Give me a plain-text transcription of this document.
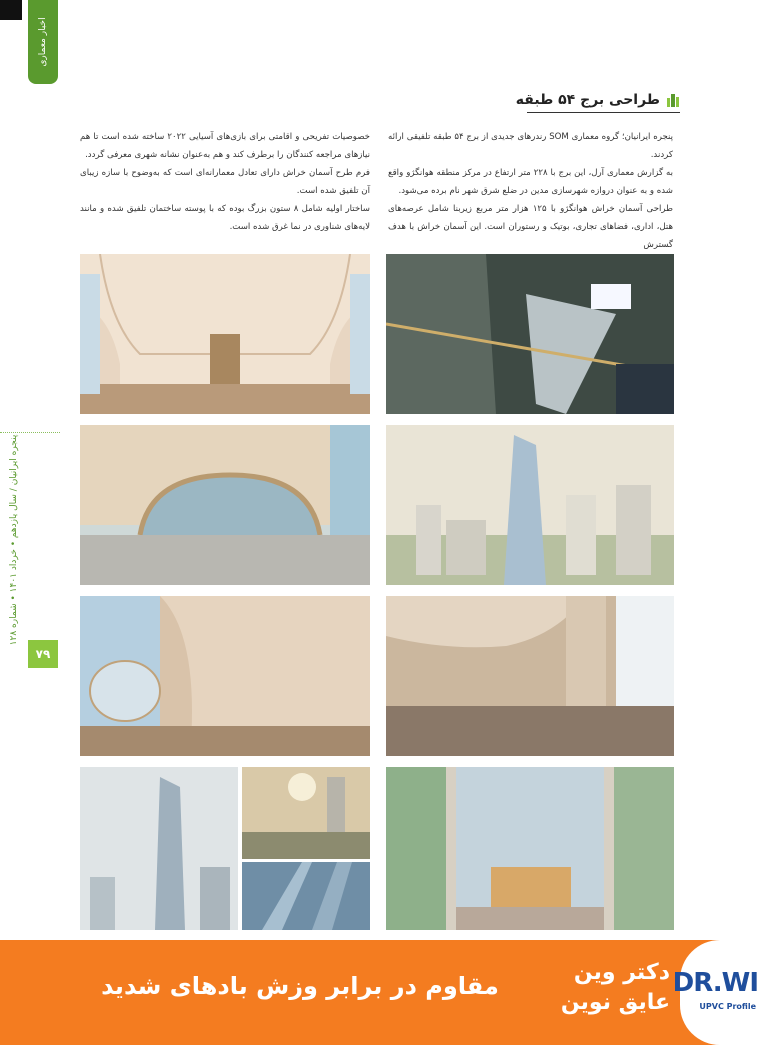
اخبار معماری
پنجره ایرانیان / سال یازدهم • خرداد ۱۴۰۱ • شماره ۱۲۸
۷۹
طراحی برج ۵۴ طبقه

پنجره ایرانیان؛ گروه معماری SOM رندرهای جدیدی از برج ۵۴ طبقه تلفیقی ارائه کردند.

به گزارش معماری آرل، این برج با ۲۲۸ متر ارتفاع در مرکز منطقه هوانگژو واقع شده و به عنوان دروازه شهرسازی مدین در ضلع شرق شهر نام برده می‌شود.

طراحی آسمان خراش هوانگژو با ۱۲۵ هزار متر مربع زیربنا شامل عرصه‌های هتل، اداری، فضاهای تجاری، بوتیک و رستوران است. این آسمان خراش با هدف گسترش

خصوصیات تفریحی و اقامتی برای بازی‌های آسیایی ۲۰۲۲ ساخته شده است تا هم نیازهای مراجعه کنندگان را برطرف کند و هم به‌عنوان نشانه شهری معرفی گردد.

فرم طرح آسمان خراش دارای تعادل معمارانه‌ای است که به‌وضوح با سازه زیبای آن تلفیق شده است.

ساختار اولیه شامل ۸ ستون بزرگ بوده که با پوسته ساختمان تلفیق شده و مانند لایه‌های شناوری در نما غرق شده است.

DR.WI
UPVC Profile
دکتر وین
عایق نوین
مقاوم در برابر وزش بادهای شدید
